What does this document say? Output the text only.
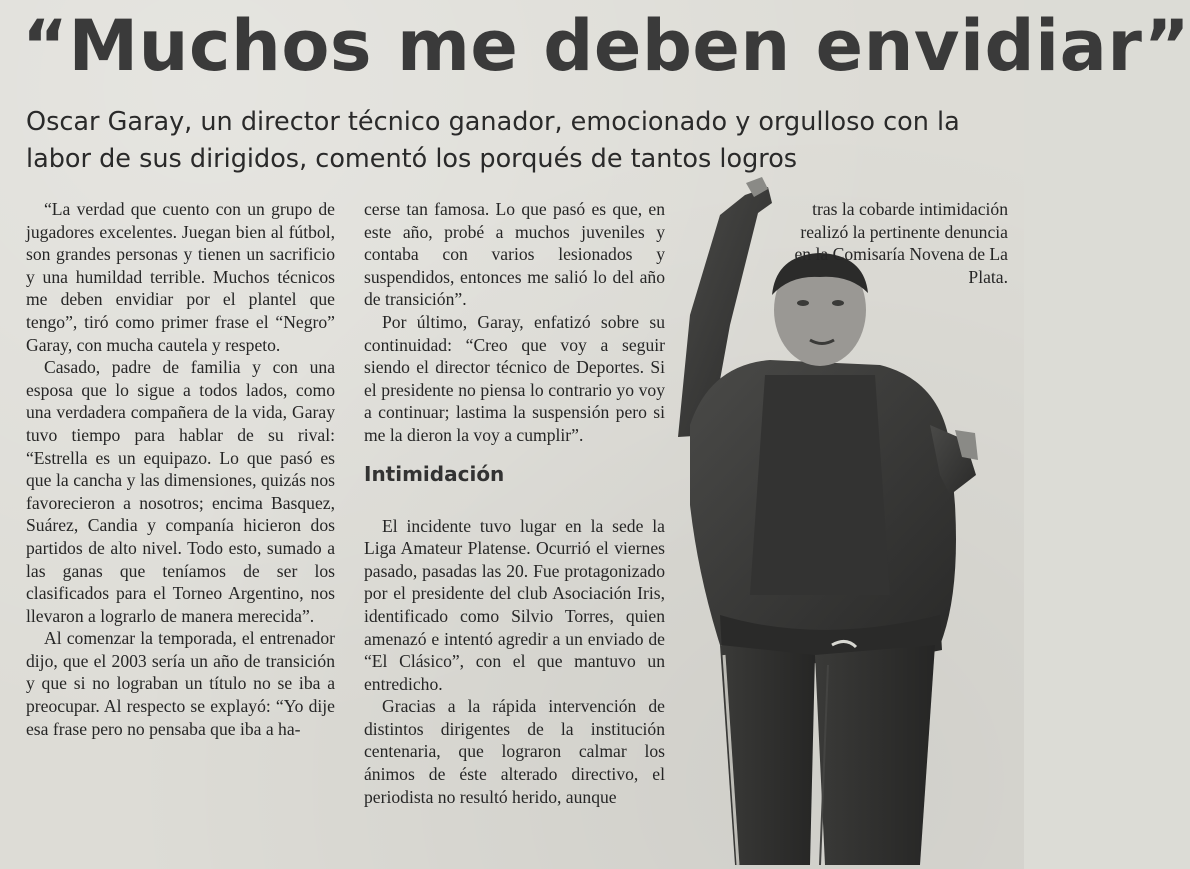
“Muchos me deben envidiar”
Oscar Garay, un director técnico ganador, emocionado y orgulloso con la labor de sus dirigidos, comentó los porqués de tantos logros

“La verdad que cuento con un grupo de jugadores excelentes. Juegan bien al fútbol, son grandes personas y tienen un sacrificio y una humildad terrible. Muchos técnicos me deben envidiar por el plantel que tengo”, tiró como primer frase el “Negro” Garay, con mucha cautela y respeto.

Casado, padre de familia y con una esposa que lo sigue a todos lados, como una verdadera compañera de la vida, Garay tuvo tiempo para hablar de su rival: “Estrella es un equipazo. Lo que pasó es que la cancha y las dimensiones, quizás nos favorecieron a nosotros; encima Basquez, Suárez, Candia y companía hicieron dos partidos de alto nivel. Todo esto, sumado a las ganas que teníamos de ser los clasificados para el Torneo Argentino, nos llevaron a lograrlo de manera merecida”.

Al comenzar la temporada, el entrenador dijo, que el 2003 sería un año de transición y que si no lograban un título no se iba a preocupar. Al respecto se explayó: “Yo dije esa frase pero no pensaba que iba a ha-

cerse tan famosa. Lo que pasó es que, en este año, probé a muchos juveniles y contaba con varios lesionados y suspendidos, entonces me salió lo del año de transición”.

Por último, Garay, enfatizó sobre su continuidad: “Creo que voy a seguir siendo el director técnico de Deportes. Si el presidente no piensa lo contrario yo voy a continuar; lastima la suspensión pero si me la dieron la voy a cumplir”.

Intimidación

El incidente tuvo lugar en la sede la Liga Amateur Platense. Ocurrió el viernes pasado, pasadas las 20. Fue protagonizado por el presidente del club Asociación Iris, identificado como Silvio Torres, quien amenazó e intentó agredir a un enviado de “El Clásico”, con el que mantuvo un entredicho.

Gracias a la rápida intervención de distintos dirigentes de la institución centenaria, que lograron calmar los ánimos de éste alterado directivo, el periodista no resultó herido, aunque

tras la cobarde intimidación realizó la pertinente denuncia en la Comisaría Novena de La Plata.
